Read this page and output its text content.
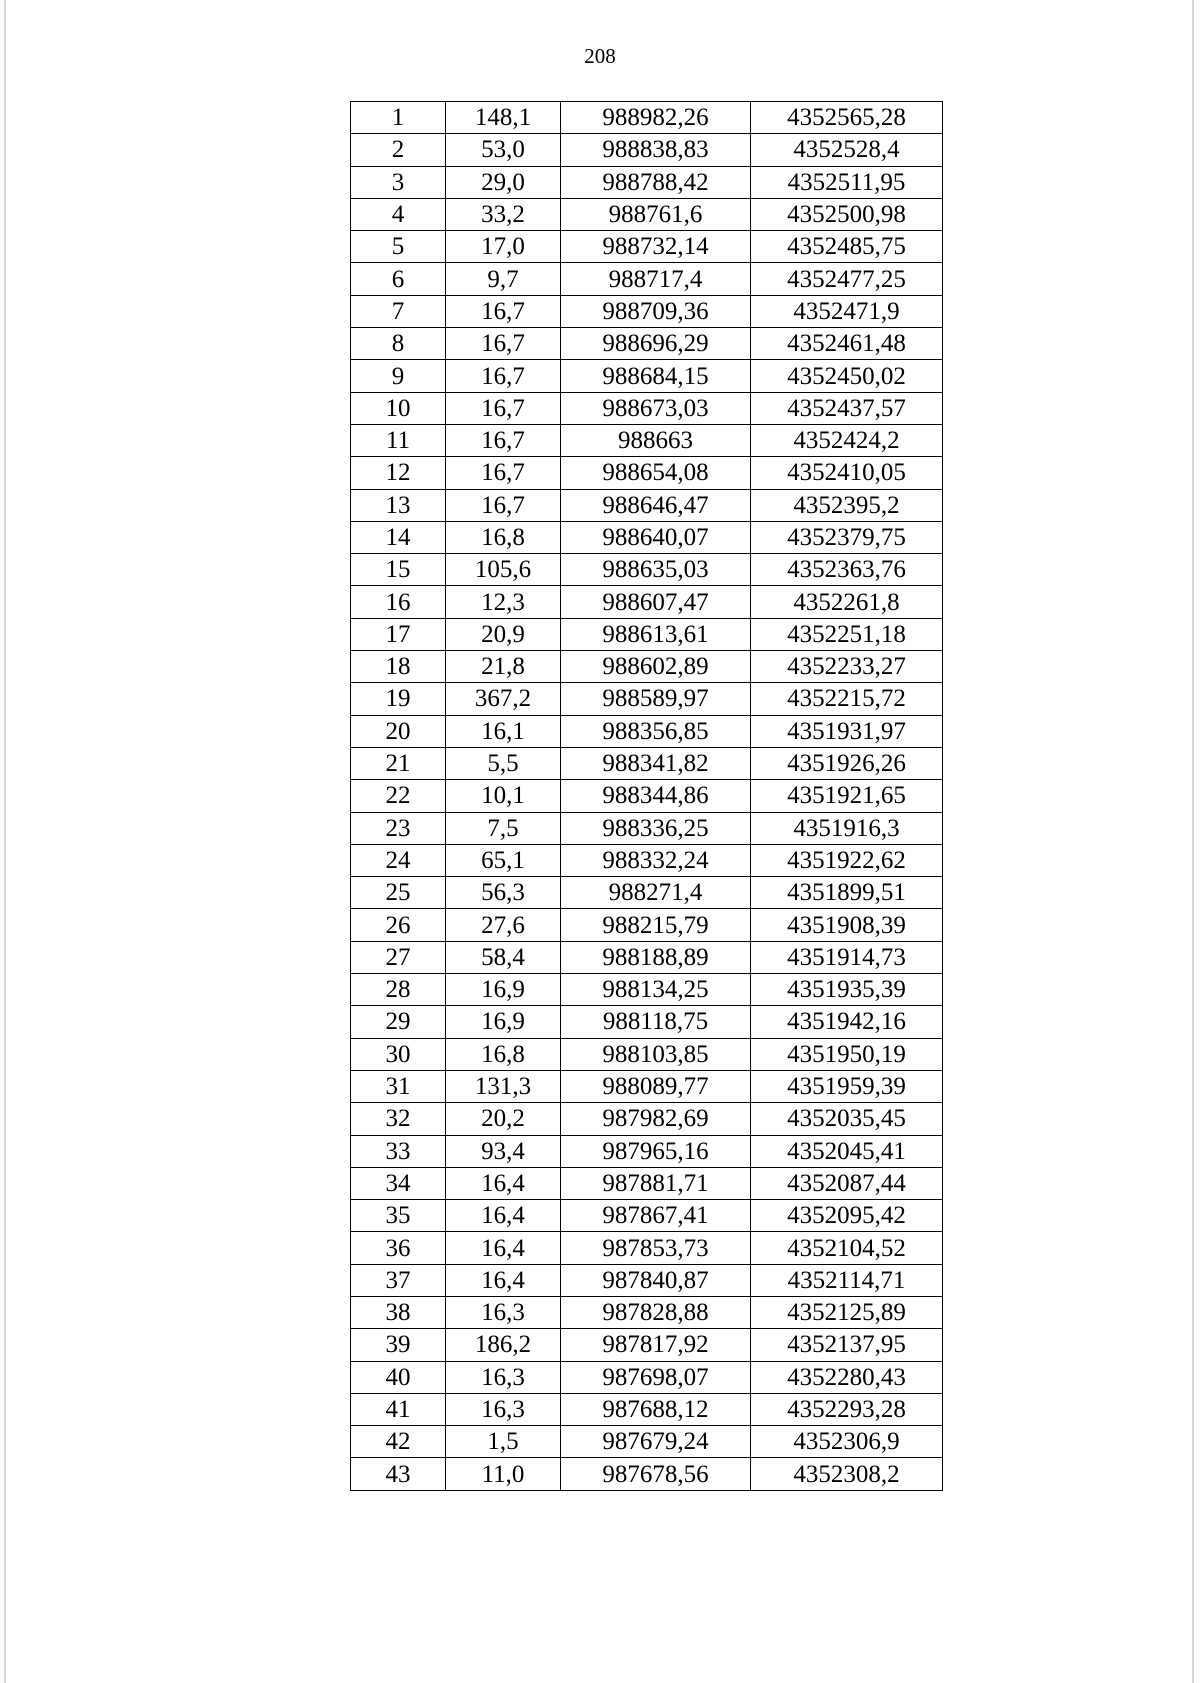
208
1	148,1	988982,26	4352565,28
2	53,0	988838,83	4352528,4
3	29,0	988788,42	4352511,95
4	33,2	988761,6	4352500,98
5	17,0	988732,14	4352485,75
6	9,7	988717,4	4352477,25
7	16,7	988709,36	4352471,9
8	16,7	988696,29	4352461,48
9	16,7	988684,15	4352450,02
10	16,7	988673,03	4352437,57
11	16,7	988663	4352424,2
12	16,7	988654,08	4352410,05
13	16,7	988646,47	4352395,2
14	16,8	988640,07	4352379,75
15	105,6	988635,03	4352363,76
16	12,3	988607,47	4352261,8
17	20,9	988613,61	4352251,18
18	21,8	988602,89	4352233,27
19	367,2	988589,97	4352215,72
20	16,1	988356,85	4351931,97
21	5,5	988341,82	4351926,26
22	10,1	988344,86	4351921,65
23	7,5	988336,25	4351916,3
24	65,1	988332,24	4351922,62
25	56,3	988271,4	4351899,51
26	27,6	988215,79	4351908,39
27	58,4	988188,89	4351914,73
28	16,9	988134,25	4351935,39
29	16,9	988118,75	4351942,16
30	16,8	988103,85	4351950,19
31	131,3	988089,77	4351959,39
32	20,2	987982,69	4352035,45
33	93,4	987965,16	4352045,41
34	16,4	987881,71	4352087,44
35	16,4	987867,41	4352095,42
36	16,4	987853,73	4352104,52
37	16,4	987840,87	4352114,71
38	16,3	987828,88	4352125,89
39	186,2	987817,92	4352137,95
40	16,3	987698,07	4352280,43
41	16,3	987688,12	4352293,28
42	1,5	987679,24	4352306,9
43	11,0	987678,56	4352308,2
